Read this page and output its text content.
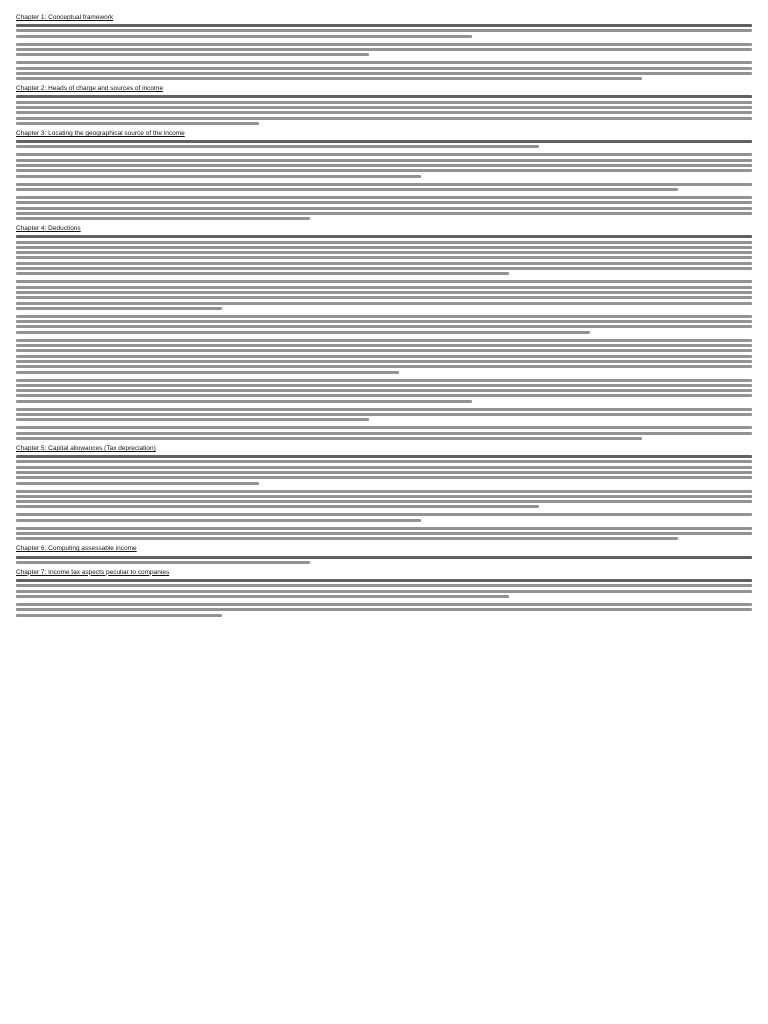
Chapter 1: Conceptual framework
Chapter 2: Heads of charge and sources of income
Chapter 3: Locating the geographical source of the income
Chapter 4: Deductions
Chapter 5: Capital allowances (Tax depreciation)
Chapter 6: Computing assessable income
Chapter 7: Income tax aspects peculiar to companies
